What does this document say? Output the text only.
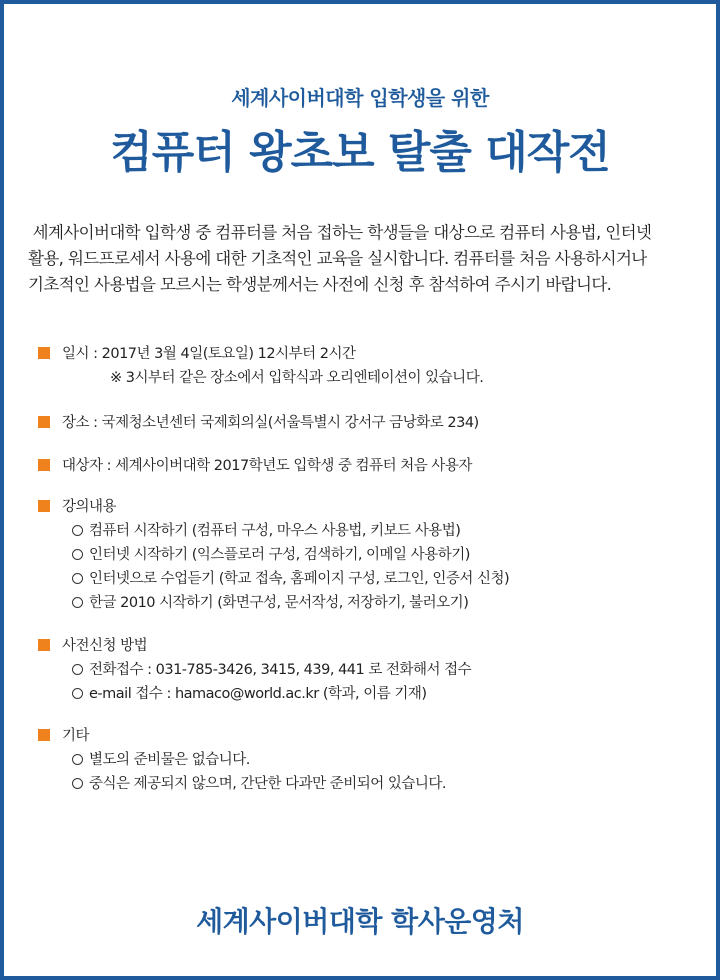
세계사이버대학 입학생을 위한
컴퓨터 왕초보 탈출 대작전
세계사이버대학 입학생 중 컴퓨터를 처음 접하는 학생들을 대상으로 컴퓨터 사용법, 인터넷
활용, 워드프로세서 사용에 대한 기초적인 교육을 실시합니다. 컴퓨터를 처음 사용하시거나
기초적인 사용법을 모르시는 학생분께서는 사전에 신청 후 참석하여 주시기 바랍니다.
일시 : 2017년 3월 4일(토요일) 12시부터 2시간
※ 3시부터 같은 장소에서 입학식과 오리엔테이션이 있습니다.
장소 : 국제청소년센터 국제회의실(서울특별시 강서구 금낭화로 234)
대상자 : 세계사이버대학 2017학년도 입학생 중 컴퓨터 처음 사용자
강의내용
컴퓨터 시작하기 (컴퓨터 구성, 마우스 사용법, 키보드 사용법)
인터넷 시작하기 (익스플로러 구성, 검색하기, 이메일 사용하기)
인터넷으로 수업듣기 (학교 접속, 홈페이지 구성, 로그인, 인증서 신청)
한글 2010 시작하기 (화면구성, 문서작성, 저장하기, 불러오기)
사전신청 방법
전화접수 : 031-785-3426, 3415, 439, 441 로 전화해서 접수
e-mail 접수 : hamaco@world.ac.kr (학과, 이름 기재)
기타
별도의 준비물은 없습니다.
중식은 제공되지 않으며, 간단한 다과만 준비되어 있습니다.
세계사이버대학 학사운영처
